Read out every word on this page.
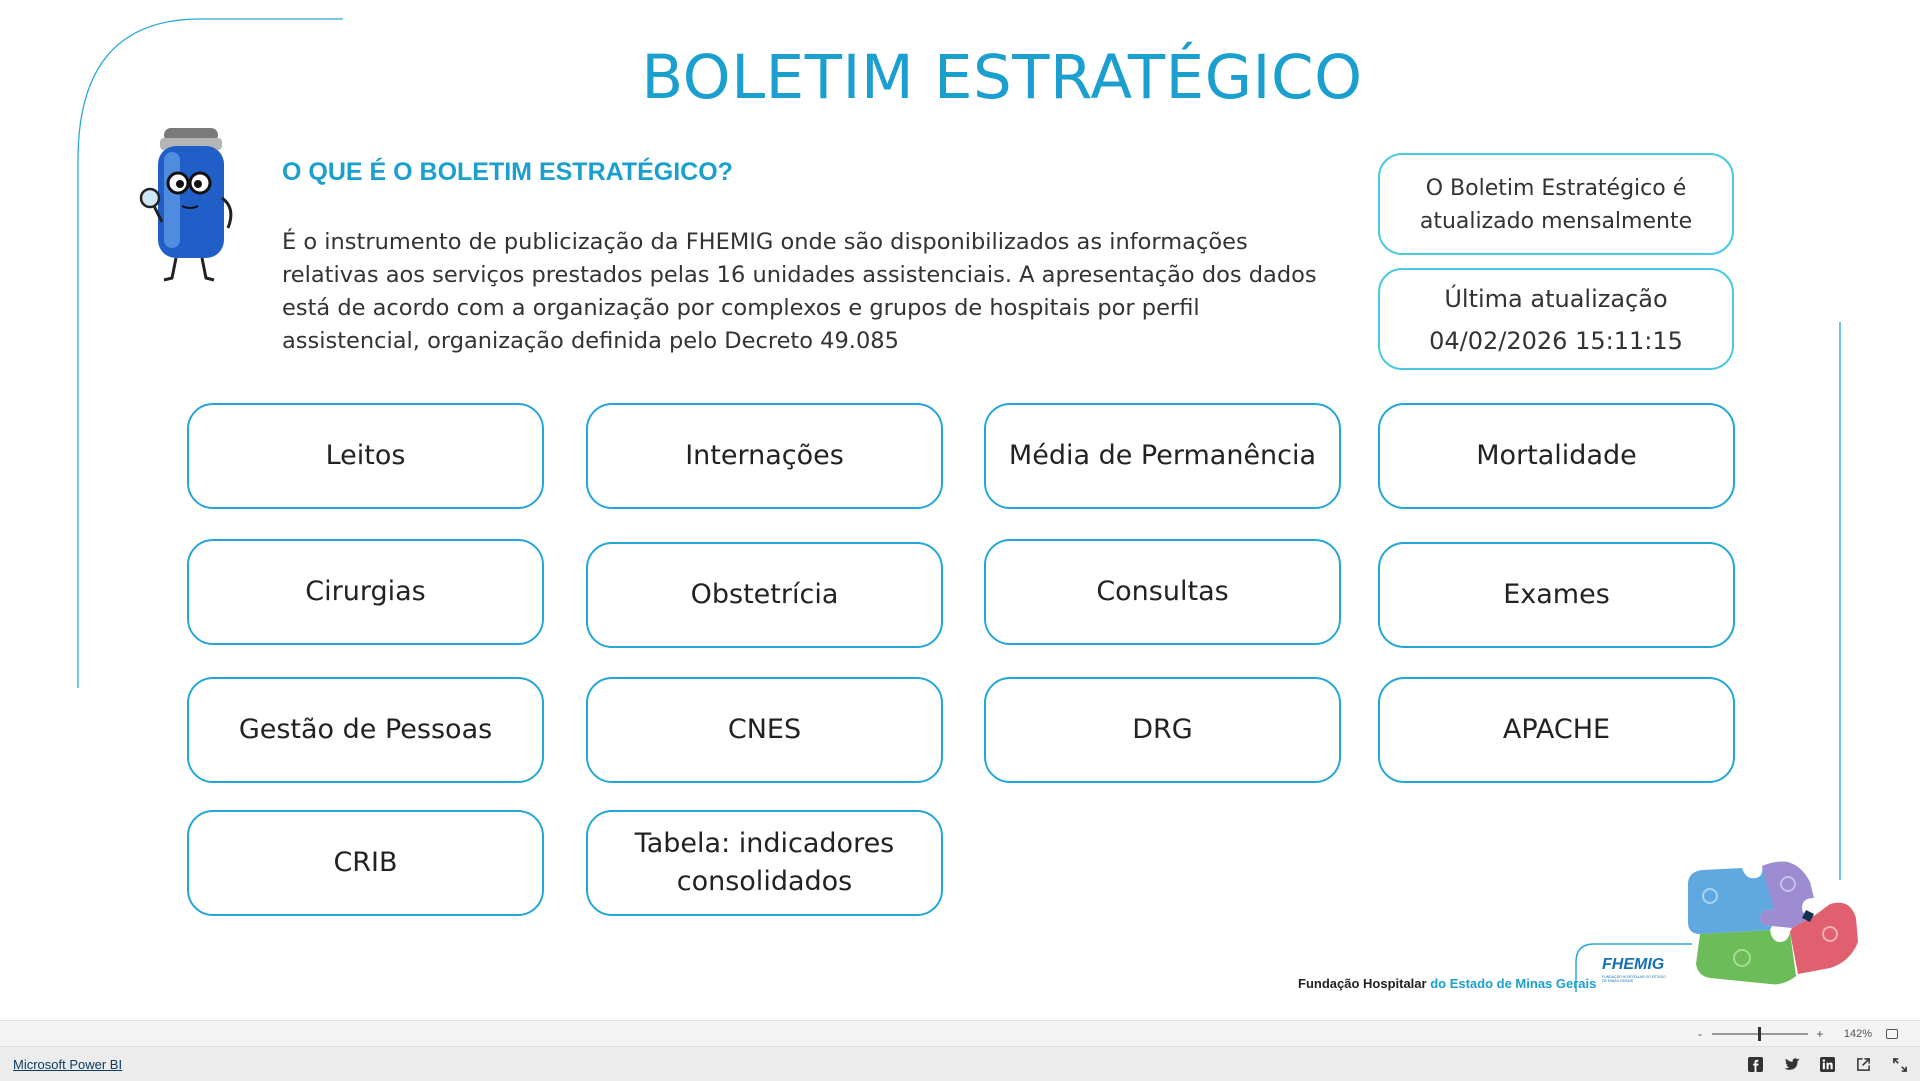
BOLETIM ESTRATÉGICO
O QUE É O BOLETIM ESTRATÉGICO?
É o instrumento de publicização da FHEMIG onde são disponibilizados as informações relativas aos serviços prestados pelas 16 unidades assistenciais. A apresentação dos dados está de acordo com a organização por complexos e grupos de hospitais por perfil assistencial, organização definida pelo Decreto 49.085
O Boletim Estratégico é
atualizado mensalmente
Última atualização
04/02/2026 15:11:15
Leitos	Internações	Média de Permanência	Mortalidade
Cirurgias	Obstetrícia	Consultas	Exames
Gestão de Pessoas	CNES	DRG	APACHE
CRIB
Tabela: indicadores consolidados
Fundação Hospitalar do Estado de Minas Gerais
FHEMIG
FUNDAÇÃO HOSPITALAR DO ESTADO DE MINAS GERAIS
-	+ 142%
Microsoft Power BI
